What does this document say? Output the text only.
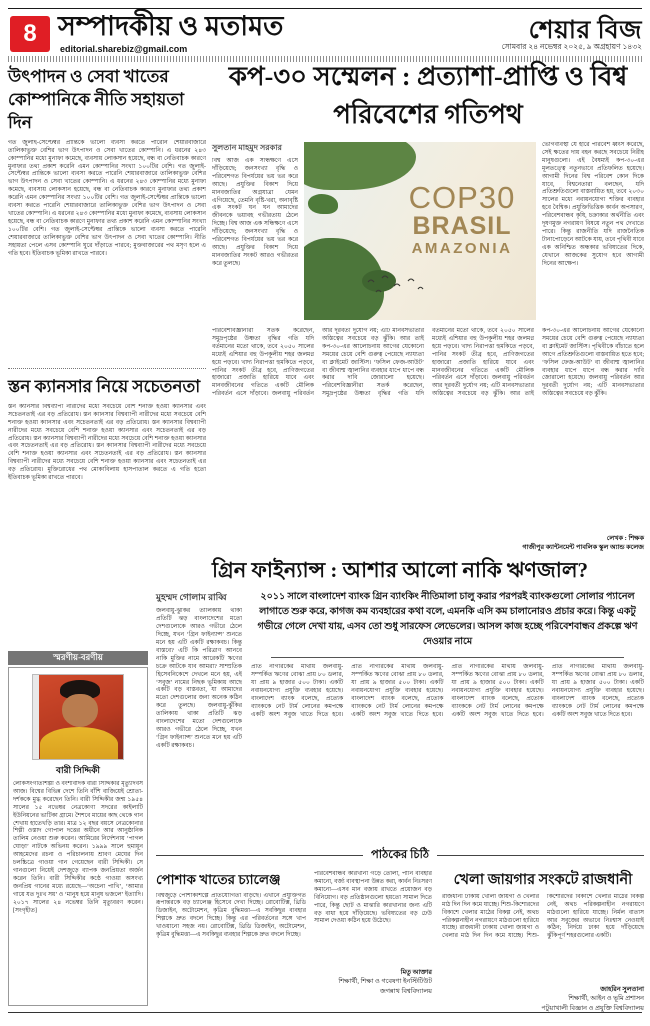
8 সম্পাদকীয় ও মতামত
editorial.sharebiz@gmail.com
শেয়ার বিজ
সোমবার ২৪ নভেম্বর ২০২৫, ৯ অগ্রহায়ণ ১৪৩২
উৎপাদন ও সেবা খাতের কোম্পানিকে নীতি সহায়তা দিন
গত জুলাই-সেপ্টেম্বর প্রান্তিকে ভালো ব্যবসা করতে পারেনি শেয়ারবাজারে তালিকাভুক্ত বেশির ভাগ উৎপাদন ও সেবা খাতের কোম্পানি। এ ধরনের ২৪৩ কোম্পানির মধ্যে মুনাফা কমেছে, ব্যবসায় লোকসান হয়েছে, বন্ধ বা নেতিবাচক কারণে মুনাফার তথ্য প্রকাশ করেনি এমন কোম্পানির সংখ্যা ১০০টির বেশি। গত জুলাই-সেপ্টেম্বর প্রান্তিকে ভালো ব্যবসা করতে পারেনি শেয়ারবাজারে তালিকাভুক্ত বেশির ভাগ উৎপাদন ও সেবা খাতের কোম্পানি। এ ধরনের ২৪৩ কোম্পানির মধ্যে মুনাফা কমেছে, ব্যবসায় লোকসান হয়েছে, বন্ধ বা নেতিবাচক কারণে মুনাফার তথ্য প্রকাশ করেনি এমন কোম্পানির সংখ্যা ১০০টির বেশি। গত জুলাই-সেপ্টেম্বর প্রান্তিকে ভালো ব্যবসা করতে পারেনি শেয়ারবাজারে তালিকাভুক্ত বেশির ভাগ উৎপাদন ও সেবা খাতের কোম্পানি। এ ধরনের ২৪৩ কোম্পানির মধ্যে মুনাফা কমেছে, ব্যবসায় লোকসান হয়েছে, বন্ধ বা নেতিবাচক কারণে মুনাফার তথ্য প্রকাশ করেনি এমন কোম্পানির সংখ্যা ১০০টির বেশি। গত জুলাই-সেপ্টেম্বর প্রান্তিকে ভালো ব্যবসা করতে পারেনি শেয়ারবাজারে তালিকাভুক্ত বেশির ভাগ উৎপাদন ও সেবা খাতের কোম্পানি। নীতি সহায়তা পেলে এসব কোম্পানি ঘুরে দাঁড়াতে পারবে; মুক্তবাজারের পথ মসৃণ হলে এ গতি হবে। ইতিবাচক ভূমিকা রাখতে পারবে।
স্তন ক্যানসার নিয়ে সচেতনতা
স্তন ক্যানসার বিশ্বব্যাপী নারীদের মধ্যে সবচেয়ে বেশি শনাক্ত হওয়া ক্যানসার এবং সচেতনতাই এর বড় প্রতিরোধ। স্তন ক্যানসার বিশ্বব্যাপী নারীদের মধ্যে সবচেয়ে বেশি শনাক্ত হওয়া ক্যানসার এবং সচেতনতাই এর বড় প্রতিরোধ। স্তন ক্যানসার বিশ্বব্যাপী নারীদের মধ্যে সবচেয়ে বেশি শনাক্ত হওয়া ক্যানসার এবং সচেতনতাই এর বড় প্রতিরোধ। স্তন ক্যানসার বিশ্বব্যাপী নারীদের মধ্যে সবচেয়ে বেশি শনাক্ত হওয়া ক্যানসার এবং সচেতনতাই এর বড় প্রতিরোধ। স্তন ক্যানসার বিশ্বব্যাপী নারীদের মধ্যে সবচেয়ে বেশি শনাক্ত হওয়া ক্যানসার এবং সচেতনতাই এর বড় প্রতিরোধ। স্তন ক্যানসার বিশ্বব্যাপী নারীদের মধ্যে সবচেয়ে বেশি শনাক্ত হওয়া ক্যানসার এবং সচেতনতাই এর বড় প্রতিরোধ। মুক্তিরোধের পথ মোকাবিলায় হাসপাতাল করতে এ গতি হতো ইতিবাচক ভূমিকা রাখতে পারবে।
স্মরণীয়-বরণীয়
বারী সিদ্দিকী
লোকসংগীতশিল্পী ও বংশীবাদক বারী সিদ্দিকীর মৃত্যুদিবস আজ। বিশ্বের বিভিন্ন দেশে তিনি বাঁশি বাজিয়েই শ্রোতা-দর্শককে মুগ্ধ করেছেন তিনি। বারী সিদ্দিকীর জন্ম ১৯৫৪ সালের ১৫ নভেম্বর নেত্রকোণা সদরের কাইলাটি ইউনিয়নের ভাটিকা গ্রামে। শৈশবে মায়ের কাছ থেকে গান শেখায় হাতেখড়ি তার। মাত্র ১২ বছর বয়সে নেত্রকোনার শিল্পী ওস্তাদ গোপাল দত্তের অধীনে আর আনুষ্ঠানিক তালিম নেওয়া শুরু করেন। আমিরের নির্দেশনায় ‘পাগল ঘোড়া’ নাটকে অভিনয় করেন। ১৯৯৯ সালে হুমায়ূন আহমেদের রচনা ও পরিচালনায় শ্রাবণ মেঘের দিন চলচ্চিত্রে গাওয়া গান গেয়েছেন বারী সিদ্দিকী। সে গানগুলো নিয়েই দেশজুড়ে ব্যাপক জনপ্রিয়তা অর্জন করেন তিনি। বারী সিদ্দিকীর কণ্ঠে গাওয়া অসংখ্য জনপ্রিয় গানের মধ্যে রয়েছে—‘অচেনা পাখি’, ‘আমার গায়ে যত দুঃখ সয়’ ও ‘মানুষ হয়ে মানুষ ভজলে’ ইত্যাদি। ২০১৭ সালের ২৪ নভেম্বর তিনি মৃত্যুবরণ করেন। [সংগৃহীত]
কপ-৩০ সম্মেলন : প্রত্যাশা-প্রাপ্তি ও বিশ্ব পরিবেশের গতিপথ
সুলতান মাহমুদ সরকার
বিশ্ব আজ এক সন্ধিক্ষণে এসে দাঁড়িয়েছে; জনসংখ্যা বৃদ্ধি ও পরিবেশগত বিপর্যয়ের ভয় ভর করে আছে। প্রযুক্তির বিকাশ দিয়ে মানবজাতির অগ্রযাত্রা যেমন এগিয়েছে, তেমনি বৃষ্টি-খরা, অনাবৃষ্টি এক সংকট ঘন ঘন আমাদের জীবনকে ভয়াবহ গভীরতায় ঠেলে দিচ্ছে। বিশ্ব আজ এক সন্ধিক্ষণে এসে দাঁড়িয়েছে; জনসংখ্যা বৃদ্ধি ও পরিবেশগত বিপর্যয়ের ভয় ভর করে আছে। প্রযুক্তির বিকাশ দিয়ে মানবজাতির সংকট আরও গভীরতর করে তুলছে।
COP30
BRASIL
AMAZONIA
ভোগব্যবস্থা যে হারে পরিবেশ ধ্বংস করেছে, সেই ক্ষতের দায় বহন করছে সবচেয়ে নিরীহ মানুষগুলো। এই বৈষম্যই কপ-৩০-এর মূলতত্ত্বে নতুনভাবে প্রতিফলিত হয়েছে। আগামী দিনের বিশ্ব পরিবেশ কোন দিকে যাবে, বিশ্বনেতারা বলছেন, যদি প্রতিশ্রুতিগুলো বাস্তবায়িত হয়, তবে ২০৩০ সালের মধ্যে নবায়নযোগ্য শক্তির ব্যবহার হবে বৈশ্বিক। প্রযুক্তিভিত্তিক কার্বন অপসারণ, পরিবেশবান্ধব কৃষি, চক্রাকার অর্থনীতি এবং দূষণমুক্ত নগরায়ণ বিষয়ে নতুন পথ দেখাতে পারে। কিন্তু রাজনীতি যদি রাজনৈতিক টানাপোড়েনে আটকে যায়, তবে পৃথিবী যাবে এক অনিশ্চিত অন্ধকার ভবিষ্যতের দিকে, যেখানে আজকের সুযোগ হবে আগামী দিনের আক্ষেপ।
পরিবেশবিজ্ঞানীরা সতর্ক করেছেন, সমুদ্রপৃষ্ঠের উষ্ণতা বৃদ্ধির গতি যদি বর্তমানের মতো থাকে, তবে ২০৫০ সালের মধ্যেই এশিয়ার বহু উপকূলীয় শহর জলমগ্ন হয়ে পড়বে। খাদ্য নিরাপত্তা হুমকিতে পড়বে, পানির সংকট তীব্র হবে, প্রাণিজগতের হাজারো প্রজাতি হারিয়ে যাবে এবং মানবজীবনের গতিতে একটি মৌলিক পরিবর্তন এসে দাঁড়াবে। জলবায়ু পরিবর্তন আর দূরবর্তী দুর্যোগ নয়; এটি মানবসভ্যতার অস্তিত্বের সবচেয়ে বড় ঝুঁকি। আর তাই কপ-৩০-এর আলোচনায় আগের যেকোনো সময়ের চেয়ে বেশি গুরুত্ব পেয়েছে ন্যায্যতা বা ক্লাইমেট জাস্টিস। ‘ফসিল ফেজ-আউট’ বা জীবাশ্ম জ্বালানির ব্যবহার ধাপে ধাপে বন্ধ করার দাবি জোরালো হয়েছে। পরিবেশবিজ্ঞানীরা সতর্ক করেছেন, সমুদ্রপৃষ্ঠের উষ্ণতা বৃদ্ধির গতি যদি বর্তমানের মতো থাকে, তবে ২০৫০ সালের মধ্যেই এশিয়ার বহু উপকূলীয় শহর জলমগ্ন হয়ে পড়বে। খাদ্য নিরাপত্তা হুমকিতে পড়বে, পানির সংকট তীব্র হবে, প্রাণিজগতের হাজারো প্রজাতি হারিয়ে যাবে এবং মানবজীবনের গতিতে একটি মৌলিক পরিবর্তন এসে দাঁড়াবে। জলবায়ু পরিবর্তন আর দূরবর্তী দুর্যোগ নয়; এটি মানবসভ্যতার অস্তিত্বের সবচেয়ে বড় ঝুঁকি। আর তাই কপ-৩০-এর আলোচনায় আগের যেকোনো সময়ের চেয়ে বেশি গুরুত্ব পেয়েছে ন্যায্যতা বা ক্লাইমেট জাস্টিস। পৃথিবীকে বাঁচাতে হলে আগে প্রতিশ্রুতিগুলো বাস্তবায়িত হতে হবে; ‘ফসিল ফেজ-আউট’ বা জীবাশ্ম জ্বালানির ব্যবহার ধাপে ধাপে বন্ধ করার দাবি জোরালো হয়েছে। জলবায়ু পরিবর্তন আর দূরবর্তী দুর্যোগ নয়; এটি মানবসভ্যতার অস্তিত্বের সবচেয়ে বড় ঝুঁকি।
লেখক : শিক্ষক
গাজীপুর ক্যান্টনমেন্ট পাবলিক স্কুল অ্যান্ড কলেজ
গ্রিন ফাইন্যান্স : আশার আলো নাকি ঋণজাল?
মুহম্মদ গোলাম রাব্বি
জলবায়ু-ঝুঁকির তালিকায় থাকা প্রতিটি ঝড় বাংলাদেশের মতো দেশগুলোকে আরও গভীরে ঠেলে দিচ্ছে, যখন ‘গ্রিন ফাইন্যান্স’ শুনতে মনে হয় এটি একটি রক্ষাকবচ। কিন্তু বাস্তবে? এটি কি পরিত্রাণ আনবে নাকি মুক্তির নামে আরেকটি ঋণের চক্রে আটকে যাব আমরা? সাম্প্রতিক হিসেবনিকেশে দেখলে মনে হয়, এই ‘সবুজ’ নামের নিছক ভূমিকায় আছে একটি বড় বাস্তবতা, যা আমাদের মতো দেশগুলোর জন্য অনেক কঠিন করে তুলছে। জলবায়ু-ঝুঁকির তালিকায় থাকা প্রতিটি ঝড় বাংলাদেশের মতো দেশগুলোকে আরও গভীরে ঠেলে দিচ্ছে, যখন ‘গ্রিন ফাইন্যান্স’ শুনতে মনে হয় এটি একটি রক্ষাকবচ।
২০১১ সালে বাংলাদেশ ব্যাংক গ্রিন ব্যাংকিং নীতিমালা চালু করার পরপরই ব্যাংকগুলো সোলার প্যানেল লাগাতে শুরু করে, কাগজ কম ব্যবহারের কথা বলে, এমনকি এসি কম চালানোরও প্রচার করে। কিন্তু একটু গভীরে গেলে দেখা যায়, এসব তো শুধু সারফেস লেভেলের। আসল কাজ হচ্ছে পরিবেশবান্ধব প্রকল্পে ঋণ দেওয়ার নামে
প্রতি নাগরিকের মাথায় জলবায়ু-সম্পর্কিত ঋণের বোঝা প্রায় ৮০ ডলার, যা প্রায় ৯ হাজার ৫০০ টাকা। একটি নবায়নযোগ্য প্রযুক্তি ব্যবহার হয়েছে। বাংলাদেশ ব্যাংক বলেছে, প্রত্যেক ব্যাংককে নেট টার্ম লোনের কমপক্ষে একটি অংশ সবুজ খাতে দিতে হবে। প্রতি নাগরিকের মাথায় জলবায়ু-সম্পর্কিত ঋণের বোঝা প্রায় ৮০ ডলার, যা প্রায় ৯ হাজার ৫০০ টাকা। একটি নবায়নযোগ্য প্রযুক্তি ব্যবহার হয়েছে। বাংলাদেশ ব্যাংক বলেছে, প্রত্যেক ব্যাংককে নেট টার্ম লোনের কমপক্ষে একটি অংশ সবুজ খাতে দিতে হবে। প্রতি নাগরিকের মাথায় জলবায়ু-সম্পর্কিত ঋণের বোঝা প্রায় ৮০ ডলার, যা প্রায় ৯ হাজার ৫০০ টাকা। একটি নবায়নযোগ্য প্রযুক্তি ব্যবহার হয়েছে। বাংলাদেশ ব্যাংক বলেছে, প্রত্যেক ব্যাংককে নেট টার্ম লোনের কমপক্ষে একটি অংশ সবুজ খাতে দিতে হবে। প্রতি নাগরিকের মাথায় জলবায়ু-সম্পর্কিত ঋণের বোঝা প্রায় ৮০ ডলার, যা প্রায় ৯ হাজার ৫০০ টাকা। একটি নবায়নযোগ্য প্রযুক্তি ব্যবহার হয়েছে। বাংলাদেশ ব্যাংক বলেছে, প্রত্যেক ব্যাংককে নেট টার্ম লোনের কমপক্ষে একটি অংশ সবুজ খাতে দিতে হবে।
পাঠকের চিঠি
পোশাক খাতের চ্যালেঞ্জ
বিশ্বজুড়ে পোশাকশিল্পে প্রতিযোগিতা বাড়ছে। এখানে প্রযুক্তিগত রূপান্তরকে বড় চ্যালেঞ্জ হিসেবে দেখা দিচ্ছে। রোবোটিক্স, থ্রিডি ডিজাইন, অটোমেশন, কৃত্রিম বুদ্ধিমত্তা—এ সবকিছুর ব্যবহার শিল্পকে দ্রুত বদলে দিচ্ছে। কিন্তু এর পরিবর্তনের সঙ্গে খাপ খাওয়ানো সহজ নয়। রোবোটিক্স, থ্রিডি ডিজাইন, অটোমেশন, কৃত্রিম বুদ্ধিমত্তা—এ সবকিছুর ব্যবহার শিল্পকে দ্রুত বদলে দিচ্ছে।
পরিবেশবান্ধব কারখানা গড়ে তোলা, পানি ব্যবহার কমানো, বর্জ্য ব্যবস্থাপনা উন্নত করা, কার্বন নিঃসরণ কমানো—এসব মান বজায় রাখতে প্রয়োজন বড় বিনিয়োগ। বড় প্রতিষ্ঠানগুলো হয়তো সামাল দিতে পারে, কিন্তু ছোট ও মাঝারি কারখানার জন্য এটি বড় বাধা হয়ে দাঁড়িয়েছে। ভবিষ্যতের বড় ঢেউ সামাল দেওয়া কঠিন হয়ে উঠেছে।
মিতু আক্তার
শিক্ষার্থী, শিক্ষা ও গবেষণা ইনস্টিটিউট
জগন্নাথ বিশ্ববিদ্যালয়
খেলা জায়গার সংকটে রাজধানী
রাজধানী ঢাকায় খোলা জায়গা ও খেলার মাঠ দিন দিন কমে যাচ্ছে। শিশু-কিশোরদের বিকাশে খেলার মাঠের বিকল্প নেই, অথচ পরিকল্পনাহীন নগরায়ণে মাঠগুলো হারিয়ে যাচ্ছে। রাজধানী ঢাকায় খোলা জায়গা ও খেলার মাঠ দিন দিন কমে যাচ্ছে। শিশু-কিশোরদের বিকাশে খেলার মাঠের বিকল্প নেই, অথচ পরিকল্পনাহীন নগরায়ণে মাঠগুলো হারিয়ে যাচ্ছে। নির্মল বাতাস আর সবুজের অভাবে নিঃশ্বাস নেওয়াই কঠিন; নির্দয়ে ঢাকা হয়ে দাঁড়িয়েছে ঝুঁকিপূর্ণ শহরগুলোর একটি।
জাহরিন সুলতানা
শিক্ষার্থী, আইন ও ভূমি প্রশাসন
পটুয়াখালী বিজ্ঞান ও প্রযুক্তি বিশ্ববিদ্যালয়
